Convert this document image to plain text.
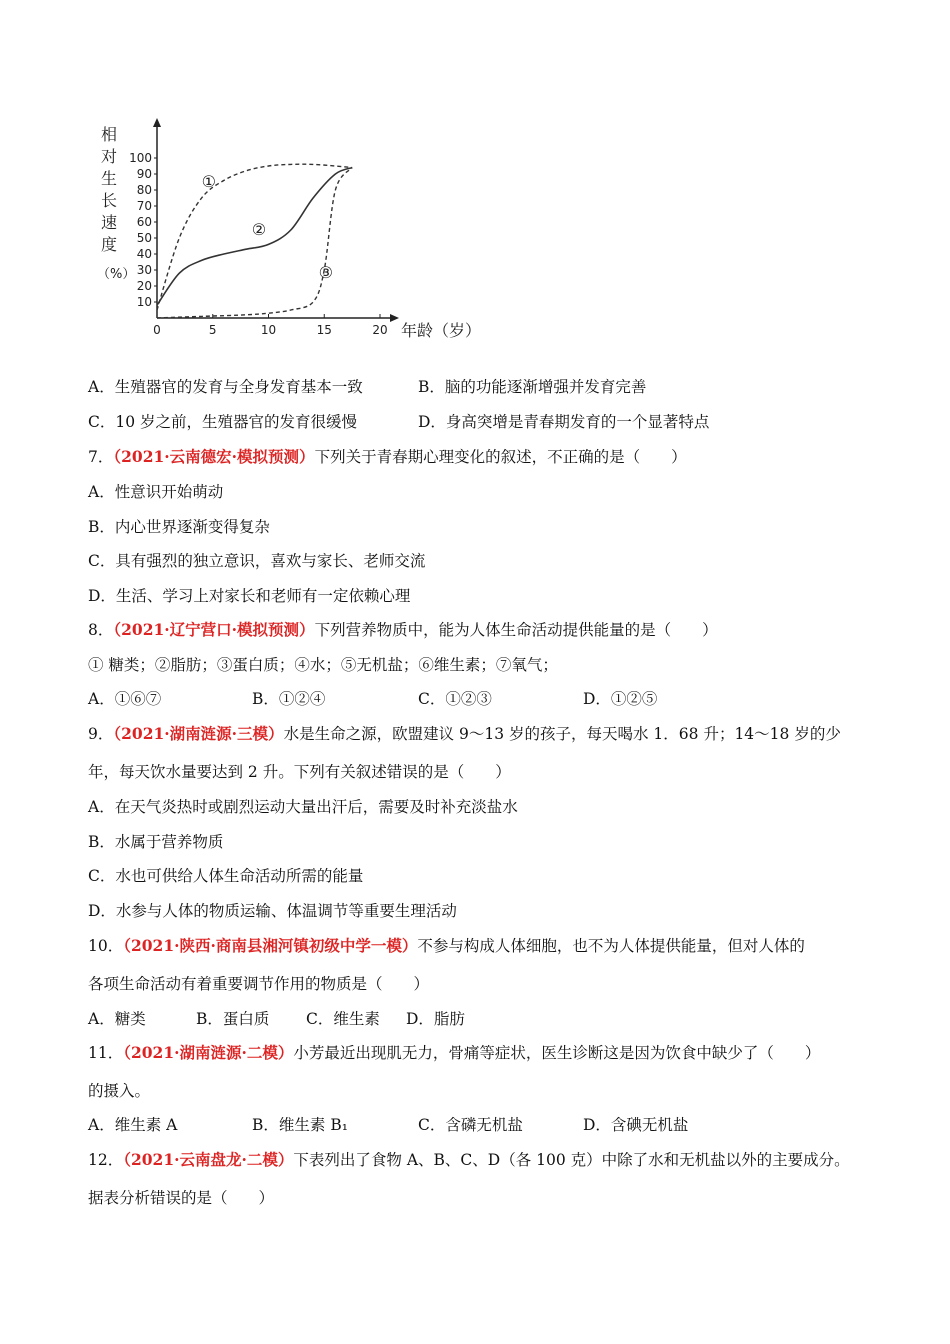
相
对
生
长
速
度
（%）
年龄（岁）
100
90
80
70
60
50
40
30
20
10
0	5	10	15	20
①
②
③
A．生殖器官的发育与全身发育基本一致	B．脑的功能逐渐增强并发育完善
C．10 岁之前，生殖器官的发育很缓慢	D．身高突增是青春期发育的一个显著特点
7．（2021·云南德宏·模拟预测）下列关于青春期心理变化的叙述，不正确的是（　　）
A．性意识开始萌动
B．内心世界逐渐变得复杂
C．具有强烈的独立意识，喜欢与家长、老师交流
D．生活、学习上对家长和老师有一定依赖心理
8．（2021·辽宁营口·模拟预测）下列营养物质中，能为人体生命活动提供能量的是（　　）
① 糖类；②脂肪；③蛋白质；④水；⑤无机盐；⑥维生素；⑦氧气；
A．①⑥⑦	B．①②④	C．①②③	D．①②⑤
9．（2021·湖南涟源·三模）水是生命之源，欧盟建议 9～13 岁的孩子，每天喝水 1．68 升；14～18 岁的少
年，每天饮水量要达到 2 升。下列有关叙述错误的是（　　）
A．在天气炎热时或剧烈运动大量出汗后，需要及时补充淡盐水
B．水属于营养物质
C．水也可供给人体生命活动所需的能量
D．水参与人体的物质运输、体温调节等重要生理活动
10．（2021·陕西·商南县湘河镇初级中学一模）不参与构成人体细胞，也不为人体提供能量，但对人体的
各项生命活动有着重要调节作用的物质是（　　）
A．糖类	B．蛋白质 C．维生素 D．脂肪
11．（2021·湖南涟源·二模）小芳最近出现肌无力，骨痛等症状，医生诊断这是因为饮食中缺少了（　　）
的摄入。
A．维生素 A	B．维生素 B₁	C．含磷无机盐	D．含碘无机盐
12．（2021·云南盘龙·二模）下表列出了食物 A、B、C、D（各 100 克）中除了水和无机盐以外的主要成分。
据表分析错误的是（　　）
